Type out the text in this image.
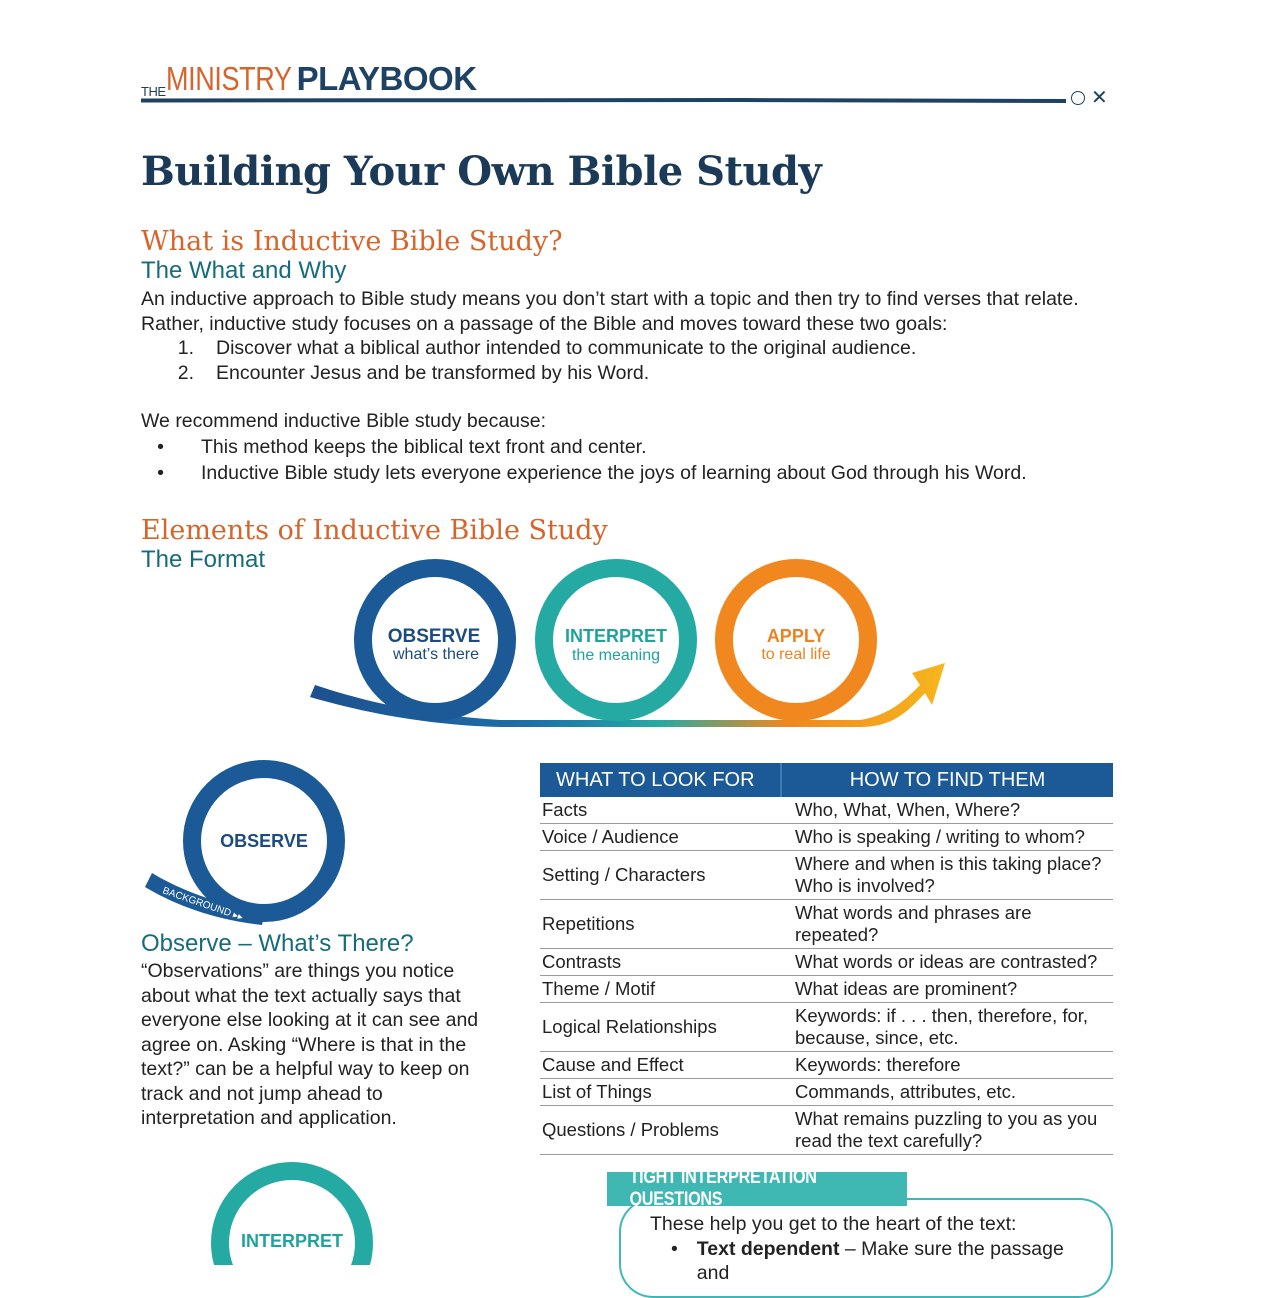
THE MINISTRY PLAYBOOK
✕
Building Your Own Bible Study
What is Inductive Bible Study?
The What and Why
An inductive approach to Bible study means you don’t start with a topic and then try to find verses that relate. Rather, inductive study focuses on a passage of the Bible and moves toward these two goals:
1.	Discover what a biblical author intended to communicate to the original audience.
2.	Encounter Jesus and be transformed by his Word.
We recommend inductive Bible study because:
•	This method keeps the biblical text front and center.
•	Inductive Bible study lets everyone experience the joys of learning about God through his Word.
Elements of Inductive Bible Study
The Format
OBSERVE
what’s there
INTERPRET
the meaning
APPLY
to real life
OBSERVE
BACKGROUND ▸▸
Observe – What’s There?
“Observations” are things you notice
about what the text actually says that
everyone else looking at it can see and
agree on. Asking “Where is that in the
text?” can be a helpful way to keep on
track and not jump ahead to
interpretation and application.
WHAT TO LOOK FOR	HOW TO FIND THEM
Facts	Who, What, When, Where?
Voice / Audience	Who is speaking / writing to whom?
Setting / Characters	Where and when is this taking place?
Who is involved?
Repetitions	What words and phrases are repeated?
Contrasts	What words or ideas are contrasted?
Theme / Motif	What ideas are prominent?
Logical Relationships	Keywords: if . . . then, therefore, for,
because, since, etc.
Cause and Effect	Keywords: therefore
List of Things	Commands, attributes, etc.
Questions / Problems	What remains puzzling to you as you
read the text carefully?
INTERPRET
TIGHT INTERPRETATION QUESTIONS
These help you get to the heart of the text:
• Text dependent – Make sure the passage and
